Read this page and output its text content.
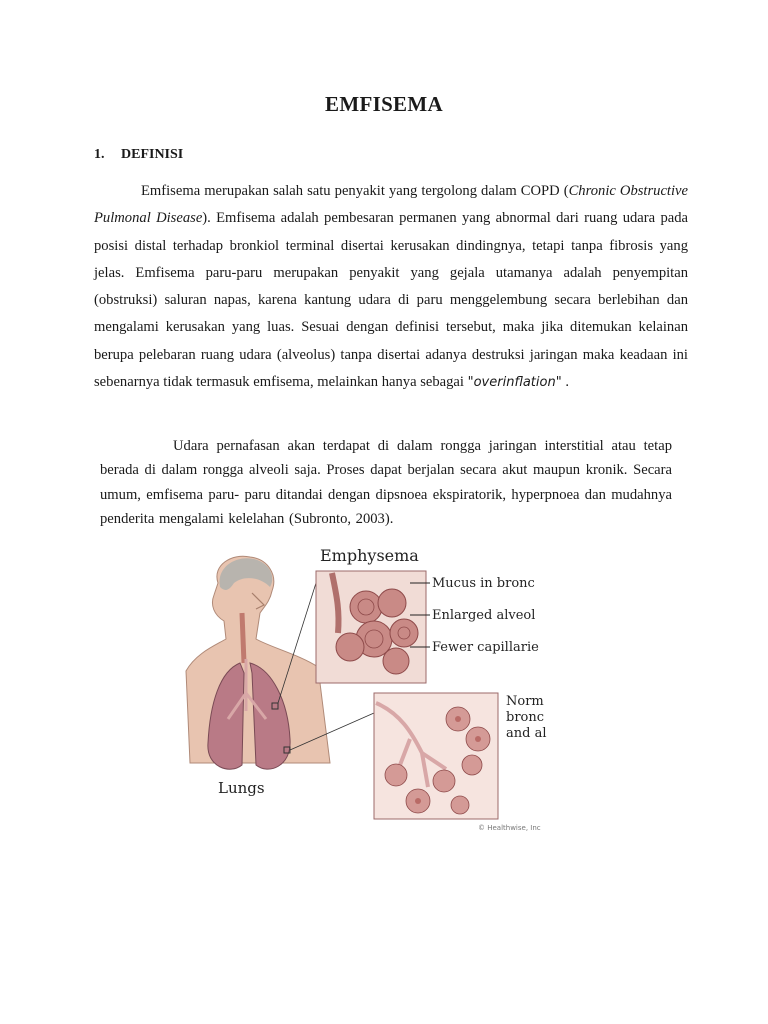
EMFISEMA
1. DEFINISI

Emfisema merupakan salah satu penyakit yang tergolong dalam COPD (Chronic Obstructive Pulmonal Disease). Emfisema adalah pembesaran permanen yang abnormal dari ruang udara pada posisi distal terhadap bronkiol terminal disertai kerusakan dindingnya, tetapi tanpa fibrosis yang jelas. Emfisema paru-paru merupakan penyakit yang gejala utamanya adalah penyempitan (obstruksi) saluran napas, karena kantung udara di paru menggelembung secara berlebihan dan mengalami kerusakan yang luas. Sesuai dengan definisi tersebut, maka jika ditemukan kelainan berupa pelebaran ruang udara (alveolus) tanpa disertai adanya destruksi jaringan maka keadaan ini sebenarnya tidak termasuk emfisema, melainkan hanya sebagai "overinflation" .

Udara pernafasan akan terdapat di dalam rongga jaringan interstitial atau tetap berada di dalam rongga alveoli saja. Proses dapat berjalan secara akut maupun kronik. Secara umum, emfisema paru- paru ditandai dengan dipsnoea ekspiratorik, hyperpnoea dan mudahnya penderita mengalami kelelahan (Subronto, 2003).

Lungs
Emphysema
Mucus in bronc
Enlarged alveol
Fewer capillarie
Norm
bronc
and al
© Healthwise, Inc
